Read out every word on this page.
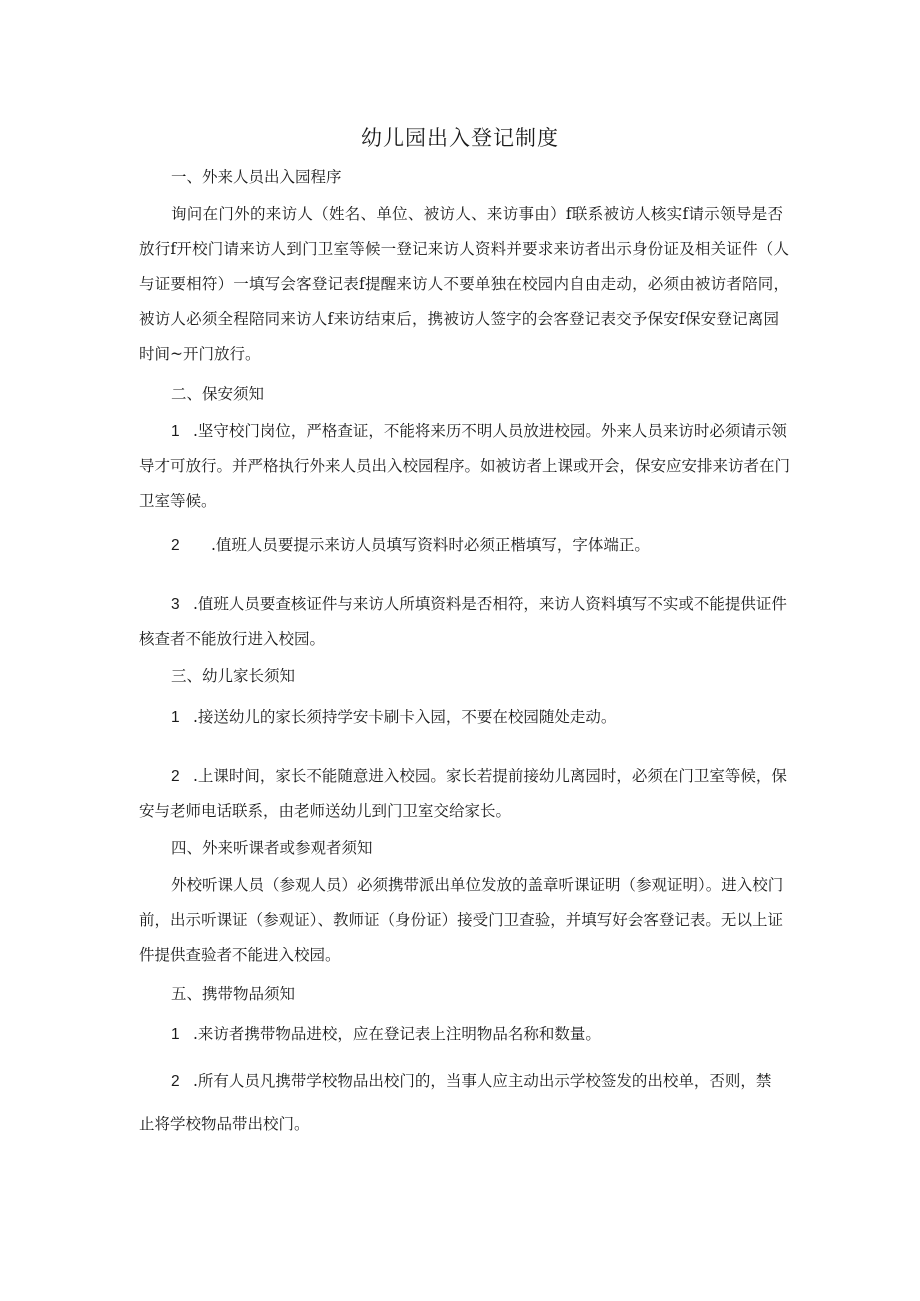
幼儿园出入登记制度
一、外来人员出入园程序
询问在门外的来访人（姓名、单位、被访人、来访事由）f联系被访人核实f请示领导是否
放行f开校门请来访人到门卫室等候一登记来访人资料并要求来访者出示身份证及相关证件（人
与证要相符）一填写会客登记表f提醒来访人不要单独在校园内自由走动，必须由被访者陪同，
被访人必须全程陪同来访人f来访结束后，携被访人签字的会客登记表交予保安f保安登记离园
时间~开门放行。
二、保安须知
1 .坚守校门岗位，严格查证，不能将来历不明人员放进校园。外来人员来访时必须请示领
导才可放行。并严格执行外来人员出入校园程序。如被访者上课或开会，保安应安排来访者在门
卫室等候。
2 .值班人员要提示来访人员填写资料时必须正楷填写，字体端正。
3 .值班人员要查核证件与来访人所填资料是否相符，来访人资料填写不实或不能提供证件
核查者不能放行进入校园。
三、幼儿家长须知
1 .接送幼儿的家长须持学安卡刷卡入园，不要在校园随处走动。
2 .上课时间，家长不能随意进入校园。家长若提前接幼儿离园时，必须在门卫室等候，保
安与老师电话联系，由老师送幼儿到门卫室交给家长。
四、外来听课者或参观者须知
外校听课人员（参观人员）必须携带派出单位发放的盖章听课证明（参观证明）。进入校门
前，出示听课证（参观证）、教师证（身份证）接受门卫查验，并填写好会客登记表。无以上证
件提供查验者不能进入校园。
五、携带物品须知
1 .来访者携带物品进校，应在登记表上注明物品名称和数量。
2 .所有人员凡携带学校物品出校门的，当事人应主动出示学校签发的出校单，否则，禁
止将学校物品带出校门。
